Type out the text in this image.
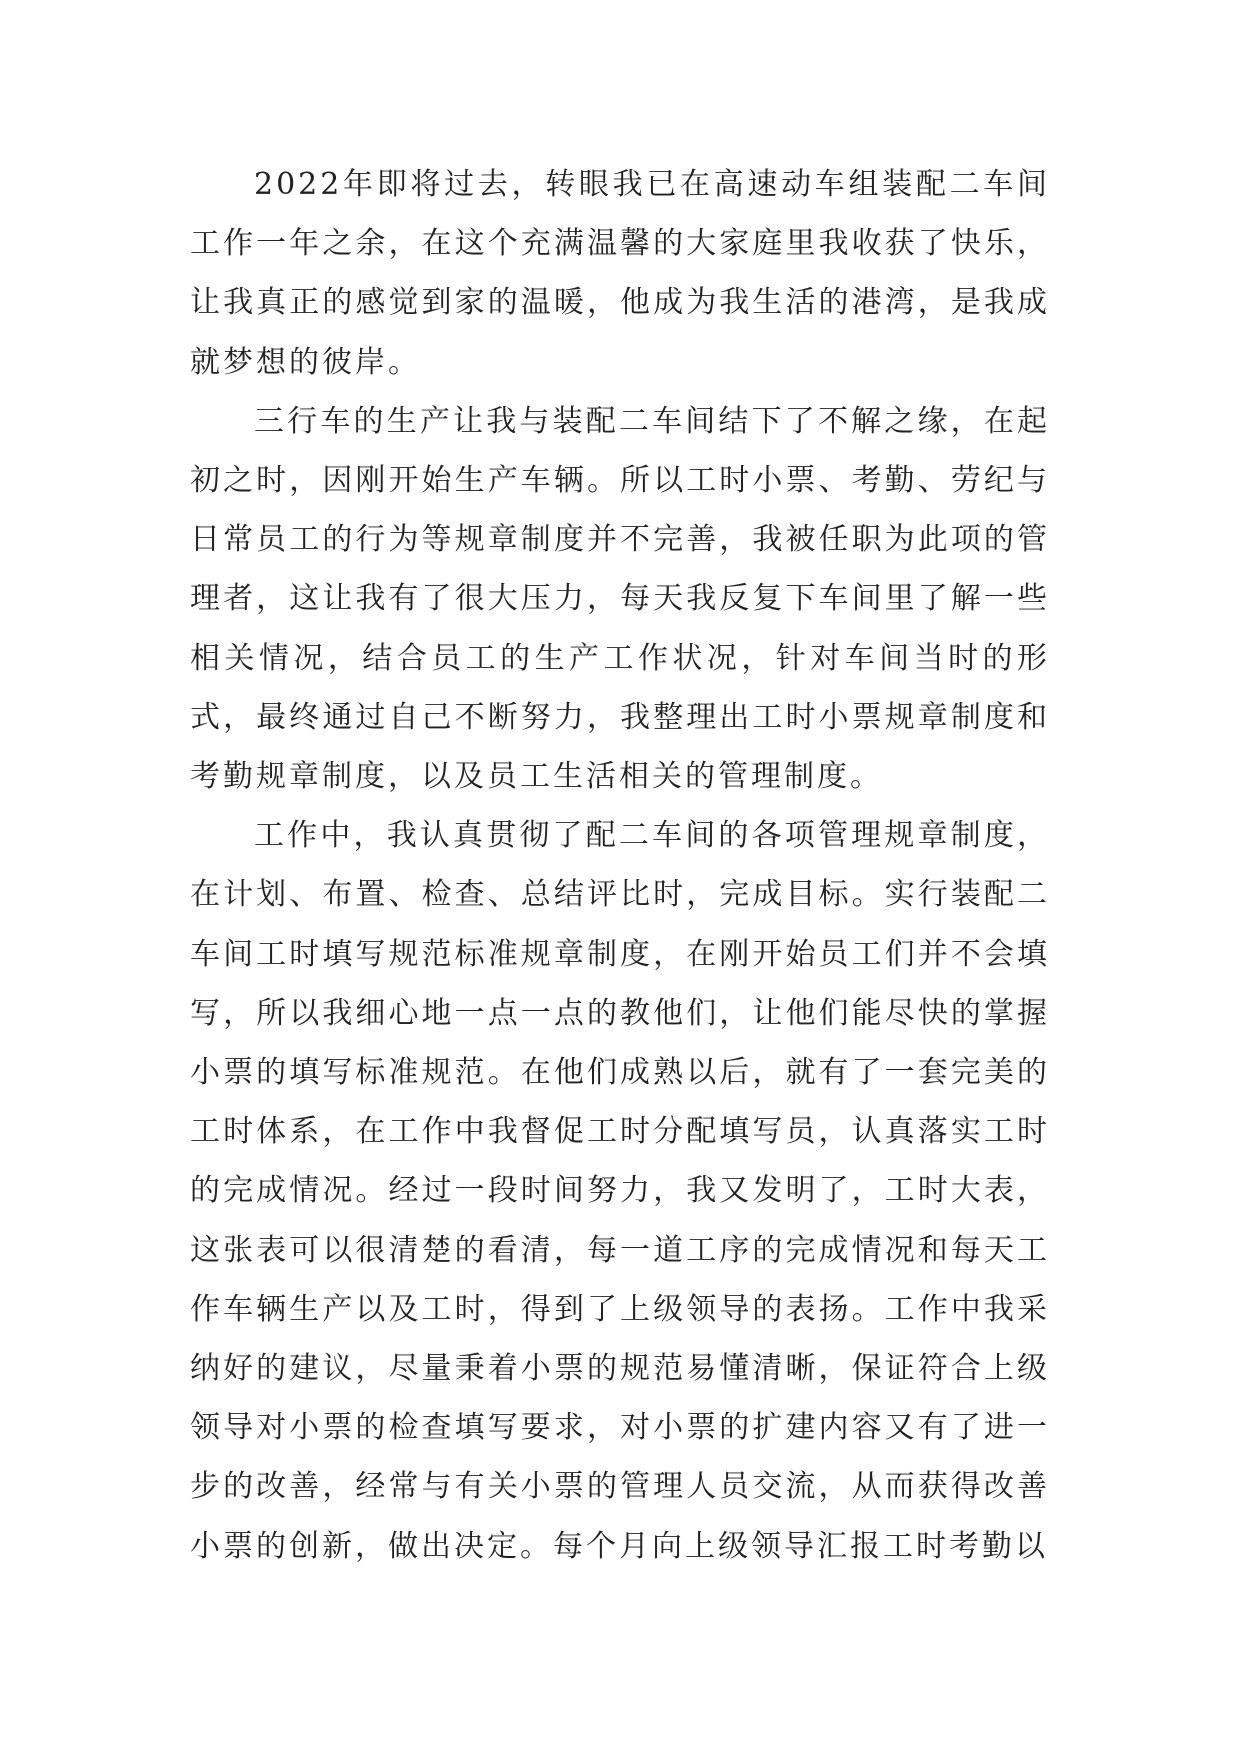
2022年即将过去，转眼我已在高速动车组装配二车间工作一年之余，在这个充满温馨的大家庭里我收获了快乐，让我真正的感觉到家的温暖，他成为我生活的港湾，是我成就梦想的彼岸。

三行车的生产让我与装配二车间结下了不解之缘，在起初之时，因刚开始生产车辆。所以工时小票、考勤、劳纪与日常员工的行为等规章制度并不完善，我被任职为此项的管理者，这让我有了很大压力，每天我反复下车间里了解一些相关情况，结合员工的生产工作状况，针对车间当时的形式，最终通过自己不断努力，我整理出工时小票规章制度和考勤规章制度，以及员工生活相关的管理制度。

工作中，我认真贯彻了配二车间的各项管理规章制度，在计划、布置、检查、总结评比时，完成目标。实行装配二车间工时填写规范标准规章制度，在刚开始员工们并不会填写，所以我细心地一点一点的教他们，让他们能尽快的掌握小票的填写标准规范。在他们成熟以后，就有了一套完美的工时体系，在工作中我督促工时分配填写员，认真落实工时的完成情况。经过一段时间努力，我又发明了，工时大表，这张表可以很清楚的看清，每一道工序的完成情况和每天工作车辆生产以及工时，得到了上级领导的表扬。工作中我采纳好的建议，尽量秉着小票的规范易懂清晰，保证符合上级领导对小票的检查填写要求，对小票的扩建内容又有了进一步的改善，经常与有关小票的管理人员交流，从而获得改善小票的创新，做出决定。每个月向上级领导汇报工时考勤以
